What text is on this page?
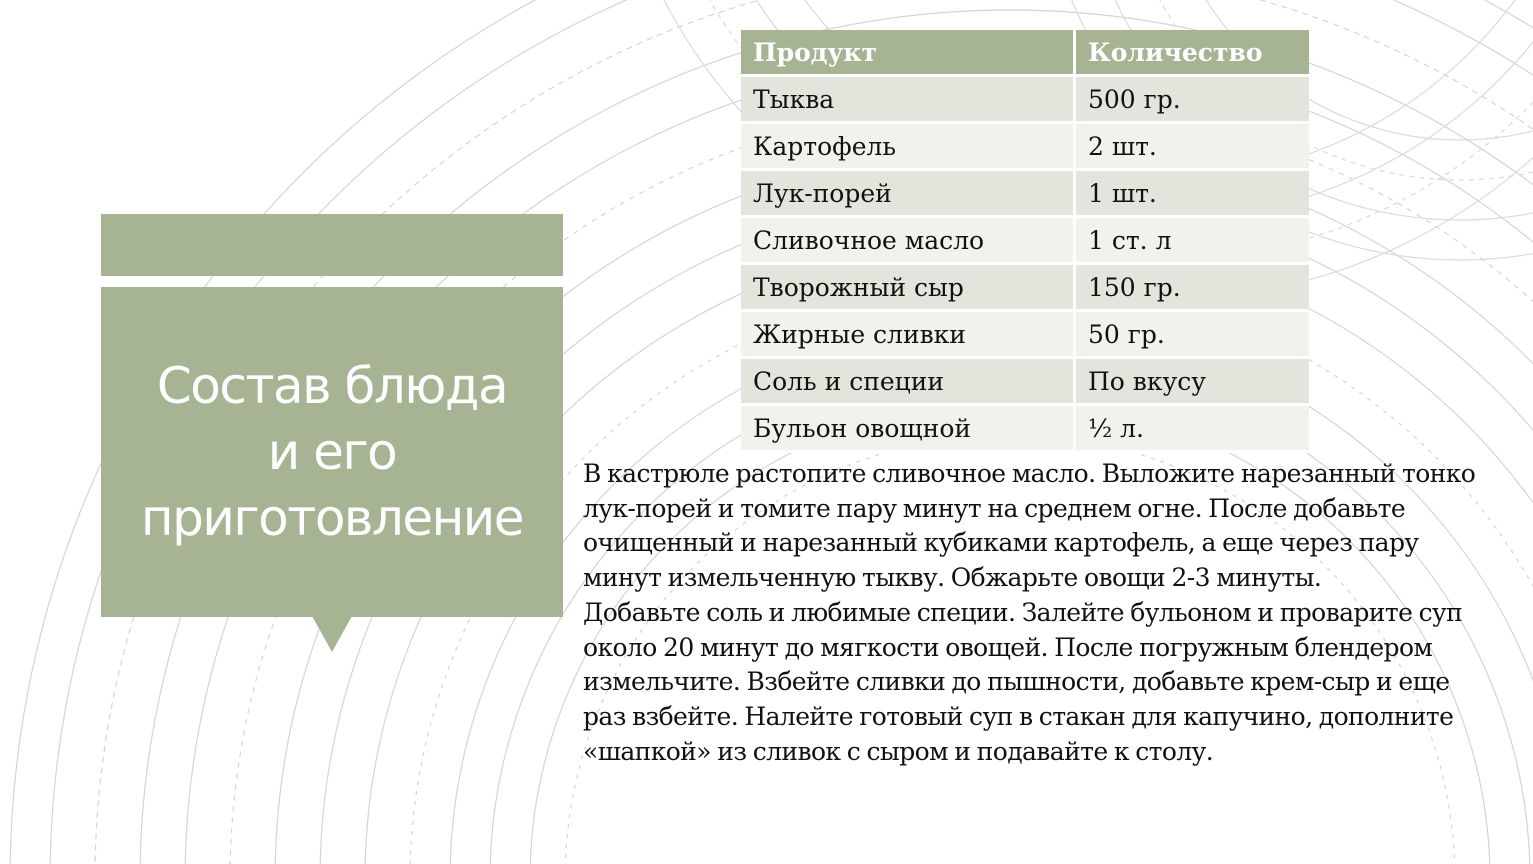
Состав блюда
и его
приготовление
Продукт	Количество
Тыква	500 гр.
Картофель	2 шт.
Лук-порей	1 шт.
Сливочное масло	1 ст. л
Творожный сыр	150 гр.
Жирные сливки	50 гр.
Соль и специи	По вкусу
Бульон овощной	½ л.

В кастрюле растопите сливочное масло. Выложите нарезанный тонко лук-порей и томите пару минут на среднем огне. После добавьте очищенный и нарезанный кубиками картофель, а еще через пару минут измельченную тыкву. Обжарьте овощи 2-3 минуты.

Добавьте соль и любимые специи. Залейте бульоном и проварите суп около 20 минут до мягкости овощей. После погружным блендером измельчите. Взбейте сливки до пышности, добавьте крем-сыр и еще раз взбейте. Налейте готовый суп в стакан для капучино, дополните «шапкой» из сливок с сыром и подавайте к столу.
